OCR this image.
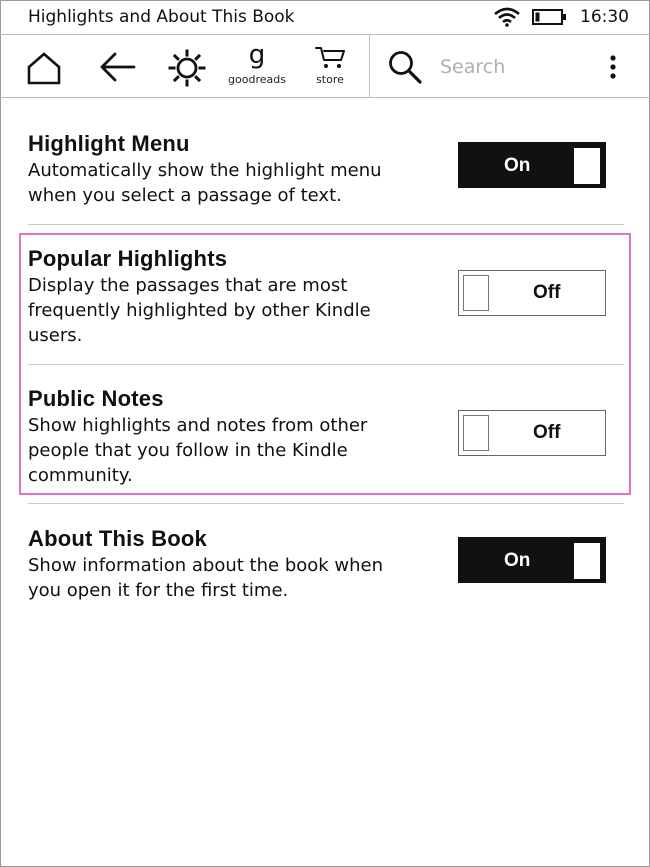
Highlights and About This Book	16:30
g
goodreads	store
Search
Highlight Menu
Automatically show the highlight menu
when you select a passage of text.
On
Popular Highlights
Display the passages that are most
frequently highlighted by other Kindle
users.
Off
Public Notes
Show highlights and notes from other
people that you follow in the Kindle
community.
Off
About This Book
Show information about the book when
you open it for the first time.
On
